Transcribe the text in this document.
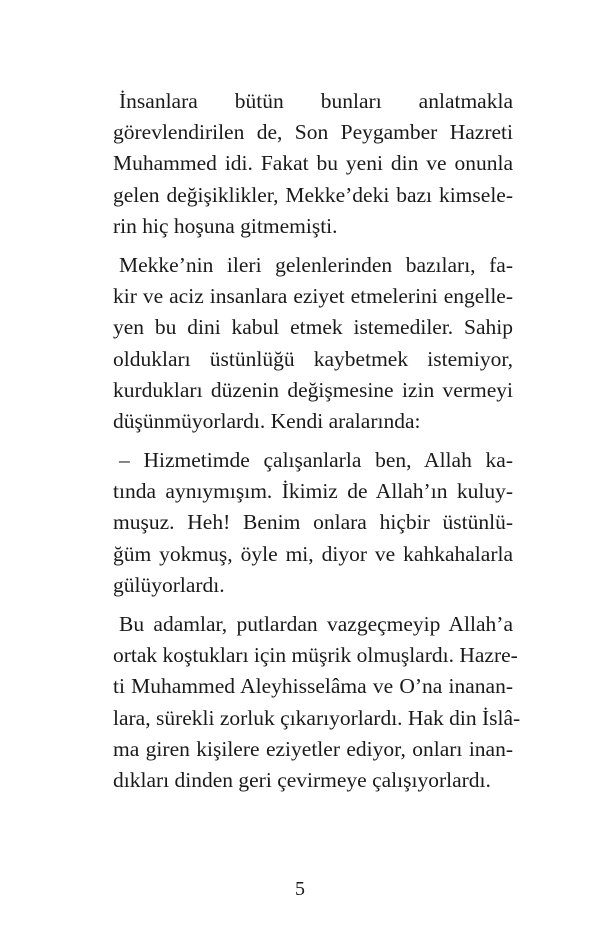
İnsanlara bütün bunları anlatmakla
görevlendirilen de, Son Peygamber Hazreti
Muhammed idi. Fakat bu yeni din ve onunla
gelen değişiklikler, Mekke’deki bazı kimsele-
rin hiç hoşuna gitmemişti.
Mekke’nin ileri gelenlerinden bazıları, fa-
kir ve aciz insanlara eziyet etmelerini engelle-
yen bu dini kabul etmek istemediler. Sahip
oldukları üstünlüğü kaybetmek istemiyor,
kurdukları düzenin değişmesine izin vermeyi
düşünmüyorlardı. Kendi aralarında:
– Hizmetimde çalışanlarla ben, Allah ka-
tında aynıymışım. İkimiz de Allah’ın kuluy-
muşuz. Heh! Benim onlara hiçbir üstünlü-
ğüm yokmuş, öyle mi, diyor ve kahkahalarla
gülüyorlardı.
Bu adamlar, putlardan vazgeçmeyip Allah’a
ortak koştukları için müşrik olmuşlardı. Hazre-
ti Muhammed Aleyhisselâma ve O’na inanan-
lara, sürekli zorluk çıkarıyorlardı. Hak din İslâ-
ma giren kişilere eziyetler ediyor, onları inan-
dıkları dinden geri çevirmeye çalışıyorlardı.
5
